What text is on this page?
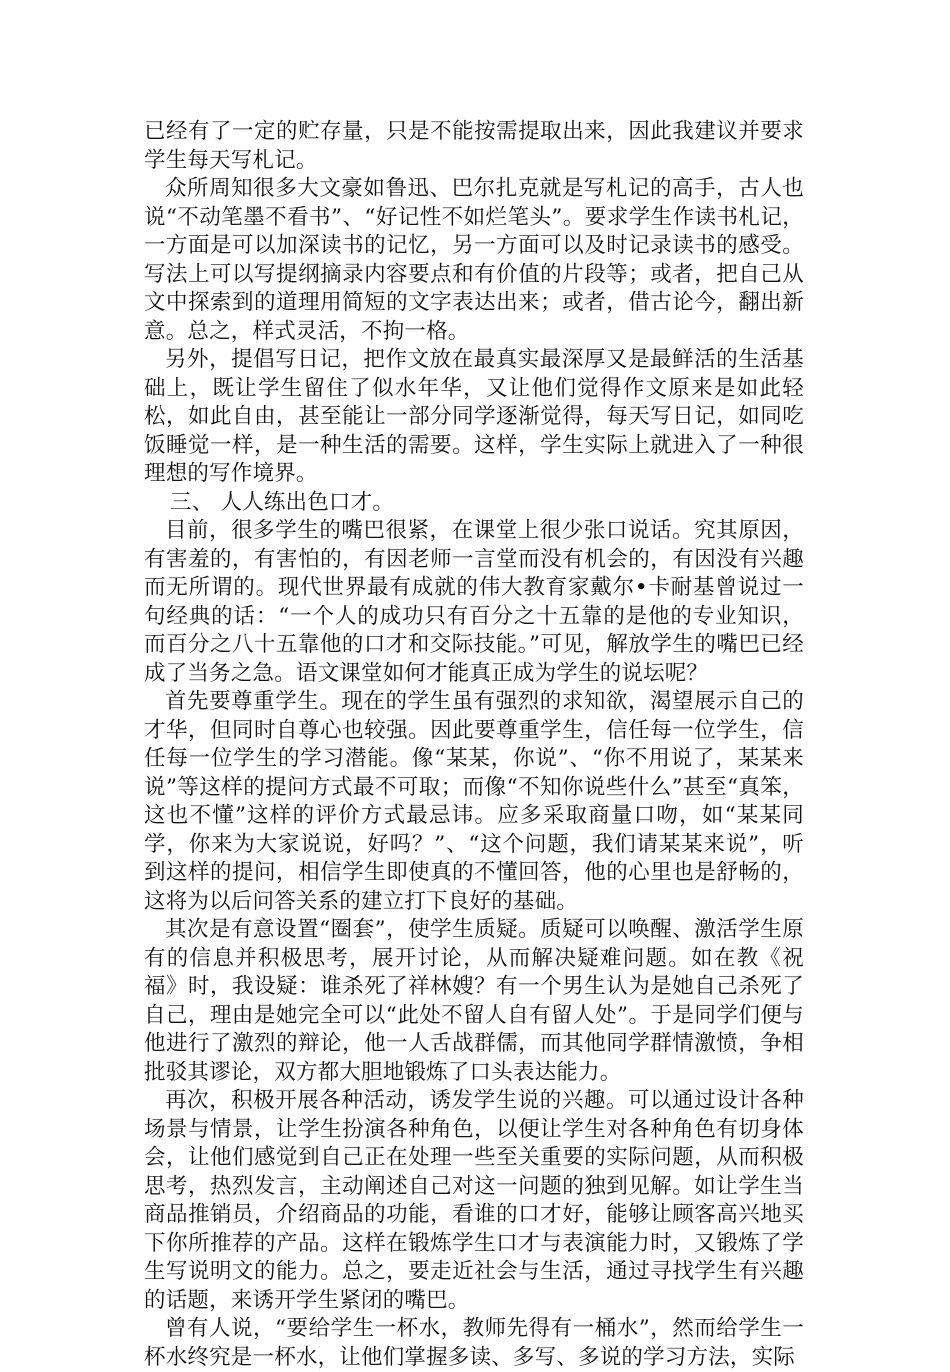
已经有了一定的贮存量，只是不能按需提取出来，因此我建议并要求学生每天写札记。

众所周知很多大文豪如鲁迅、巴尔扎克就是写札记的高手，古人也说“不动笔墨不看书”、“好记性不如烂笔头”。要求学生作读书札记，一方面是可以加深读书的记忆，另一方面可以及时记录读书的感受。写法上可以写提纲摘录内容要点和有价值的片段等；或者，把自己从文中探索到的道理用简短的文字表达出来；或者，借古论今，翻出新意。总之，样式灵活，不拘一格。

另外，提倡写日记，把作文放在最真实最深厚又是最鲜活的生活基础上，既让学生留住了似水年华，又让他们觉得作文原来是如此轻松，如此自由，甚至能让一部分同学逐渐觉得，每天写日记，如同吃饭睡觉一样，是一种生活的需要。这样，学生实际上就进入了一种很理想的写作境界。

三、 人人练出色口才。

目前，很多学生的嘴巴很紧，在课堂上很少张口说话。究其原因，有害羞的，有害怕的，有因老师一言堂而没有机会的，有因没有兴趣而无所谓的。现代世界最有成就的伟大教育家戴尔•卡耐基曾说过一句经典的话：“一个人的成功只有百分之十五靠的是他的专业知识，而百分之八十五靠他的口才和交际技能。”可见，解放学生的嘴巴已经成了当务之急。语文课堂如何才能真正成为学生的说坛呢？

首先要尊重学生。现在的学生虽有强烈的求知欲，渴望展示自己的才华，但同时自尊心也较强。因此要尊重学生，信任每一位学生，信任每一位学生的学习潜能。像“某某，你说”、“你不用说了，某某来说”等这样的提问方式最不可取；而像“不知你说些什么”甚至“真笨，这也不懂”这样的评价方式最忌讳。应多采取商量口吻，如“某某同学，你来为大家说说，好吗？”、“这个问题，我们请某某来说”，听到这样的提问，相信学生即使真的不懂回答，他的心里也是舒畅的，这将为以后问答关系的建立打下良好的基础。

其次是有意设置“圈套”，使学生质疑。质疑可以唤醒、激活学生原有的信息并积极思考，展开讨论，从而解决疑难问题。如在教《祝福》时，我设疑：谁杀死了祥林嫂？有一个男生认为是她自己杀死了自己，理由是她完全可以“此处不留人自有留人处”。于是同学们便与他进行了激烈的辩论，他一人舌战群儒，而其他同学群情激愤，争相批驳其谬论，双方都大胆地锻炼了口头表达能力。

再次，积极开展各种活动，诱发学生说的兴趣。可以通过设计各种场景与情景，让学生扮演各种角色，以便让学生对各种角色有切身体会，让他们感觉到自己正在处理一些至关重要的实际问题，从而积极思考，热烈发言，主动阐述自己对这一问题的独到见解。如让学生当商品推销员，介绍商品的功能，看谁的口才好，能够让顾客高兴地买下你所推荐的产品。这样在锻炼学生口才与表演能力时，又锻炼了学生写说明文的能力。总之，要走近社会与生活，通过寻找学生有兴趣的话题，来诱开学生紧闭的嘴巴。

曾有人说，“要给学生一杯水，教师先得有一桶水”，然而给学生一杯水终究是一杯水，让他们掌握多读、多写、多说的学习方法，实际
